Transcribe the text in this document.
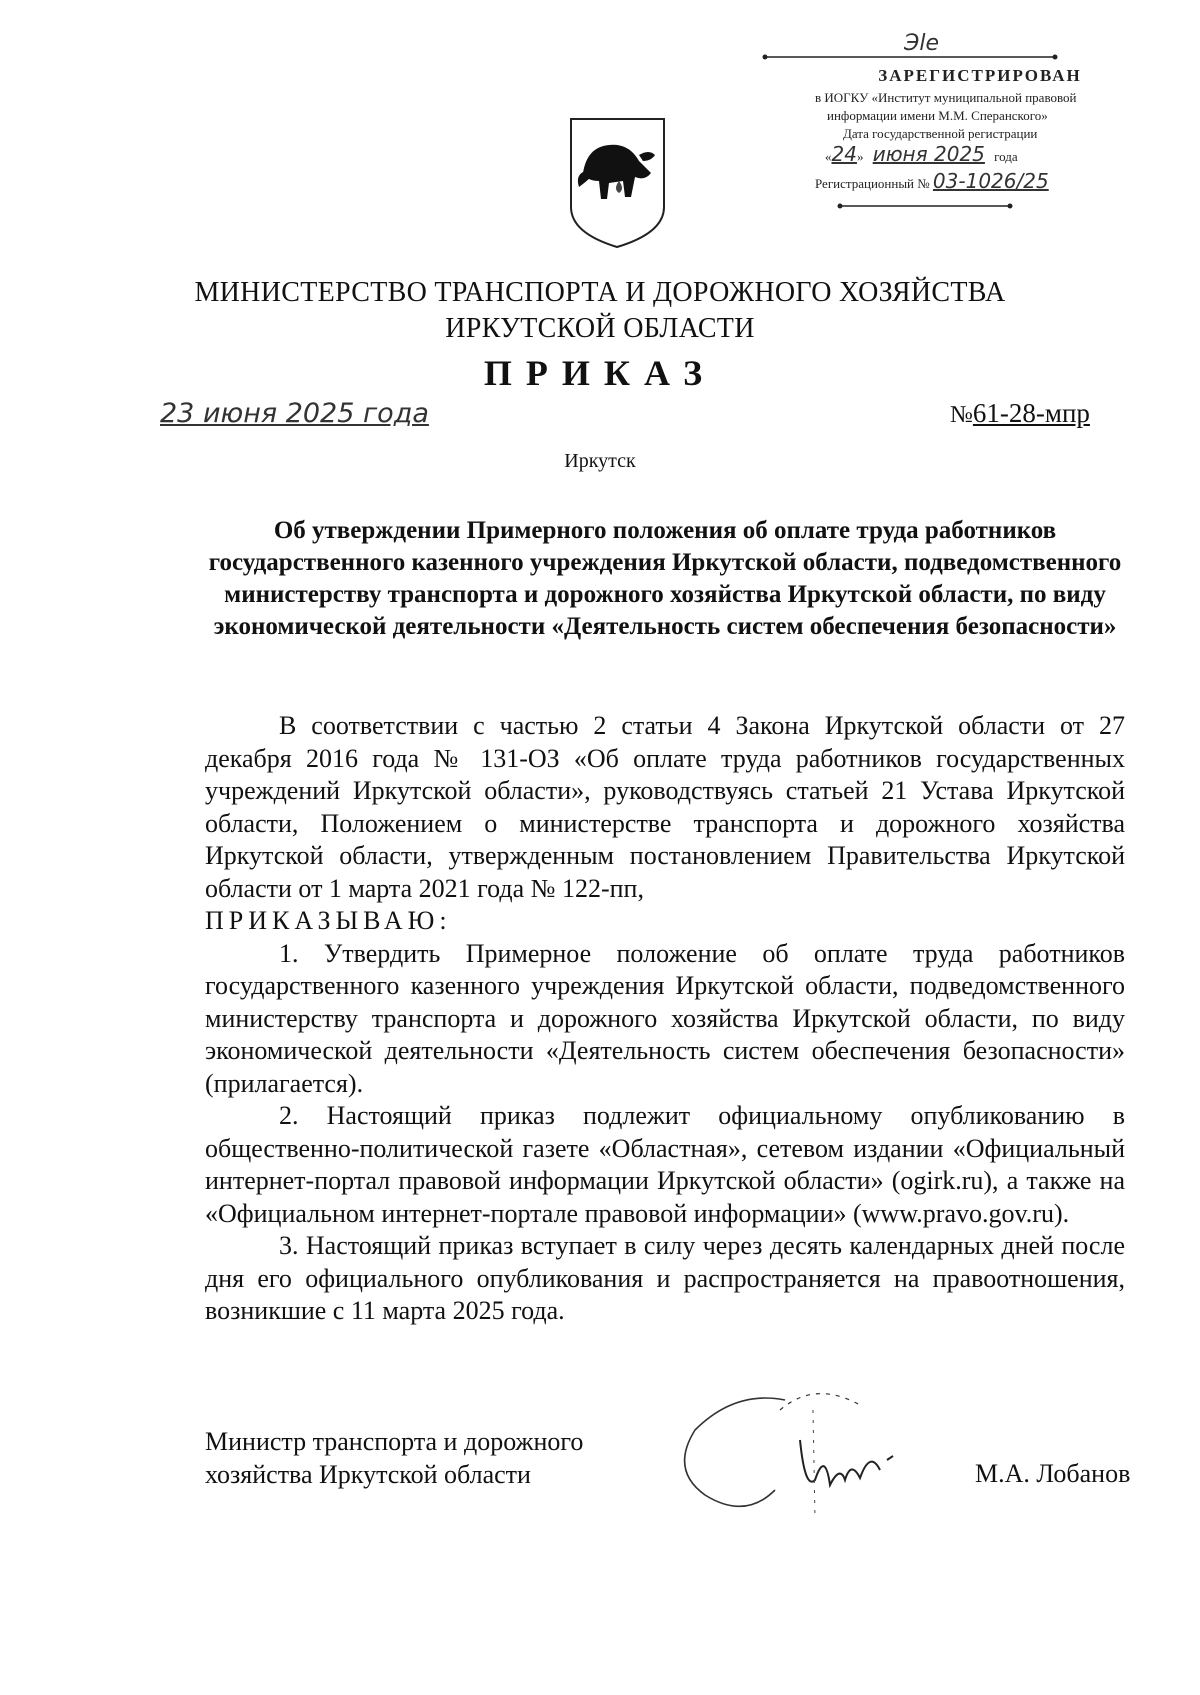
Эle
ЗАРЕГИСТРИРОВАН
в ИОГКУ «Институт муниципальной правовой
информации имени М.М. Сперанского»
Дата государственной регистрации
«24» июня 2025 года
Регистрационный № 03-1026/25
МИНИСТЕРСТВО ТРАНСПОРТА И ДОРОЖНОГО ХОЗЯЙСТВА
ИРКУТСКОЙ ОБЛАСТИ
ПРИКАЗ
23 июня 2025 года	№61-28-мпр
Иркутск
Об утверждении Примерного положения об оплате труда работников государственного казенного учреждения Иркутской области, подведомственного министерству транспорта и дорожного хозяйства Иркутской области, по виду экономической деятельности «Деятельность систем обеспечения безопасности»

В соответствии с частью 2 статьи 4 Закона Иркутской области от 27 декабря 2016 года № 131-ОЗ «Об оплате труда работников государственных учреждений Иркутской области», руководствуясь статьей 21 Устава Иркутской области, Положением о министерстве транспорта и дорожного хозяйства Иркутской области, утвержденным постановлением Правительства Иркутской области от 1 марта 2021 года № 122-пп,

ПРИКАЗЫВАЮ:

1. Утвердить Примерное положение об оплате труда работников государственного казенного учреждения Иркутской области, подведомственного министерству транспорта и дорожного хозяйства Иркутской области, по виду экономической деятельности «Деятельность систем обеспечения безопасности» (прилагается).

2. Настоящий приказ подлежит официальному опубликованию в общественно-политической газете «Областная», сетевом издании «Официальный интернет-портал правовой информации Иркутской области» (ogirk.ru), а также на «Официальном интернет-портале правовой информации» (www.pravo.gov.ru).

3. Настоящий приказ вступает в силу через десять календарных дней после дня его официального опубликования и распространяется на правоотношения, возникшие с 11 марта 2025 года.

Министр транспорта и дорожного
хозяйства Иркутской области	М.А. Лобанов
